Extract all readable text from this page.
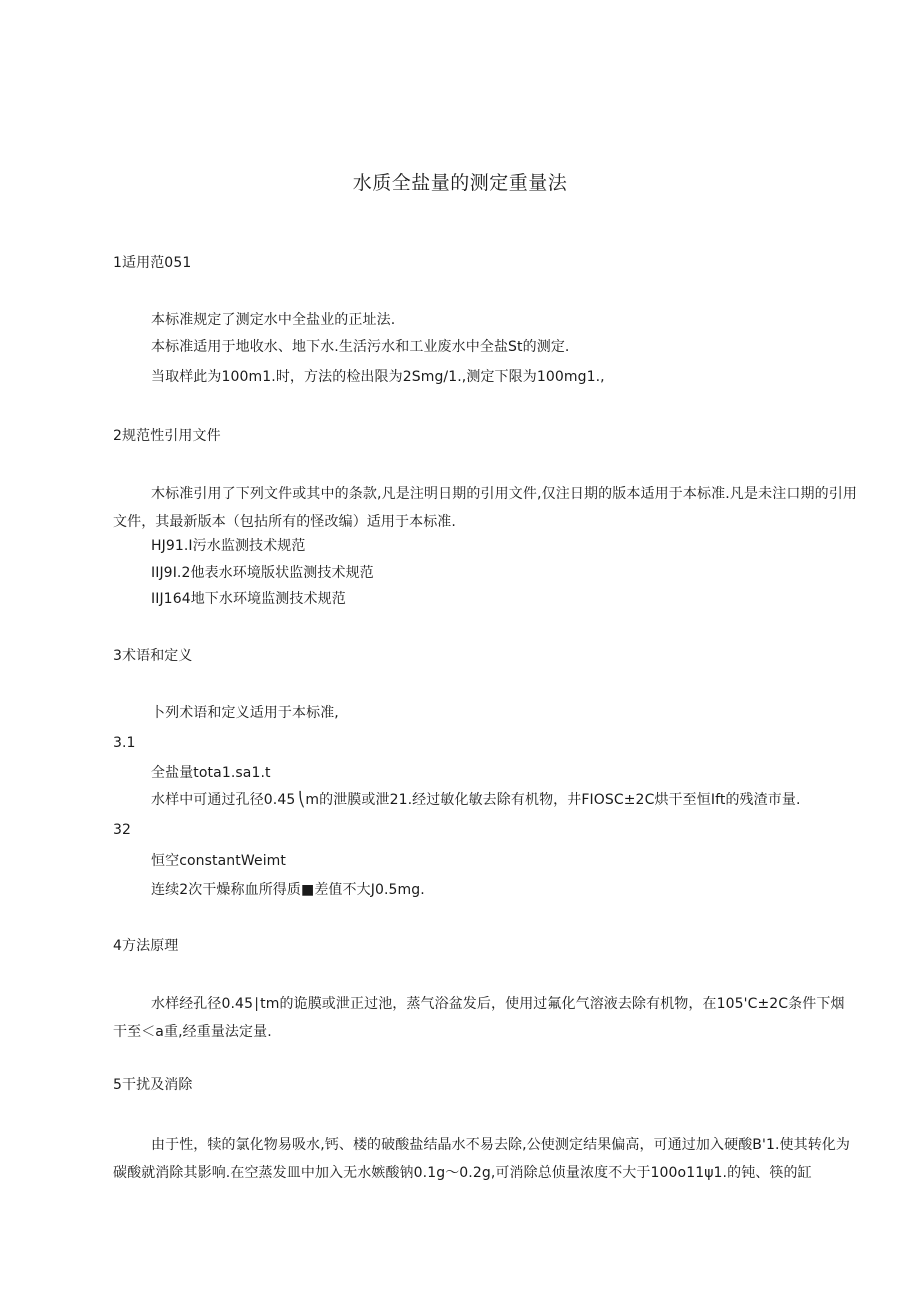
水质全盐量的测定重量法
1适用范051
本标准规定了测定水中全盐业的正址法.
本标准适用于地收水、地下水.生活污水和工业废水中全盐St的测定.
当取样此为100m1.时，方法的检出限为2Smg/1.,测定下限为100mg1.,
2规范性引用文件
木标准引用了下列文件或其中的条款,凡是注明日期的引用文件,仅注日期的版本适用于本标准.凡是未注口期的引用文件，其最新版本（包拈所有的怪改编）适用于本标准.
HJ91.I污水监测技术规范
IIJ9I.2他表水环境版状监测技术规范
IIJ164地下水环境监测技术规范
3术语和定义
卜列术语和定义适用于本标准,
3.1
全盐量tota1.sa1.t
水样中可通过孔径0.45 ⎝m的泄膜或泄21.经过敏化敏去除有机物，井FIOSC±2C烘干至恒Ift的残渣市量.
32
恒空constantWeimt
连续2次干燥称血所得质■差值不大J0.5mg.
4方法原理
水样经孔径0.45∣tm的诡膜或泄正过池，蒸气浴盆发后，使用过氟化气溶液去除有机物，在105'C±2C条件下烟干至＜a重,经重量法定量.
5干扰及消除
由于性，犊的氯化物易吸水,钙、楼的破酸盐结晶水不易去除,公使测定结果偏高，可通过加入硬酸B'1.使其转化为碳酸就消除其影响.在空蒸发皿中加入无水嫉酸钠0.1g〜0.2g,可消除总侦量浓度不大于100o11ψ1.的钝、筷的缸
